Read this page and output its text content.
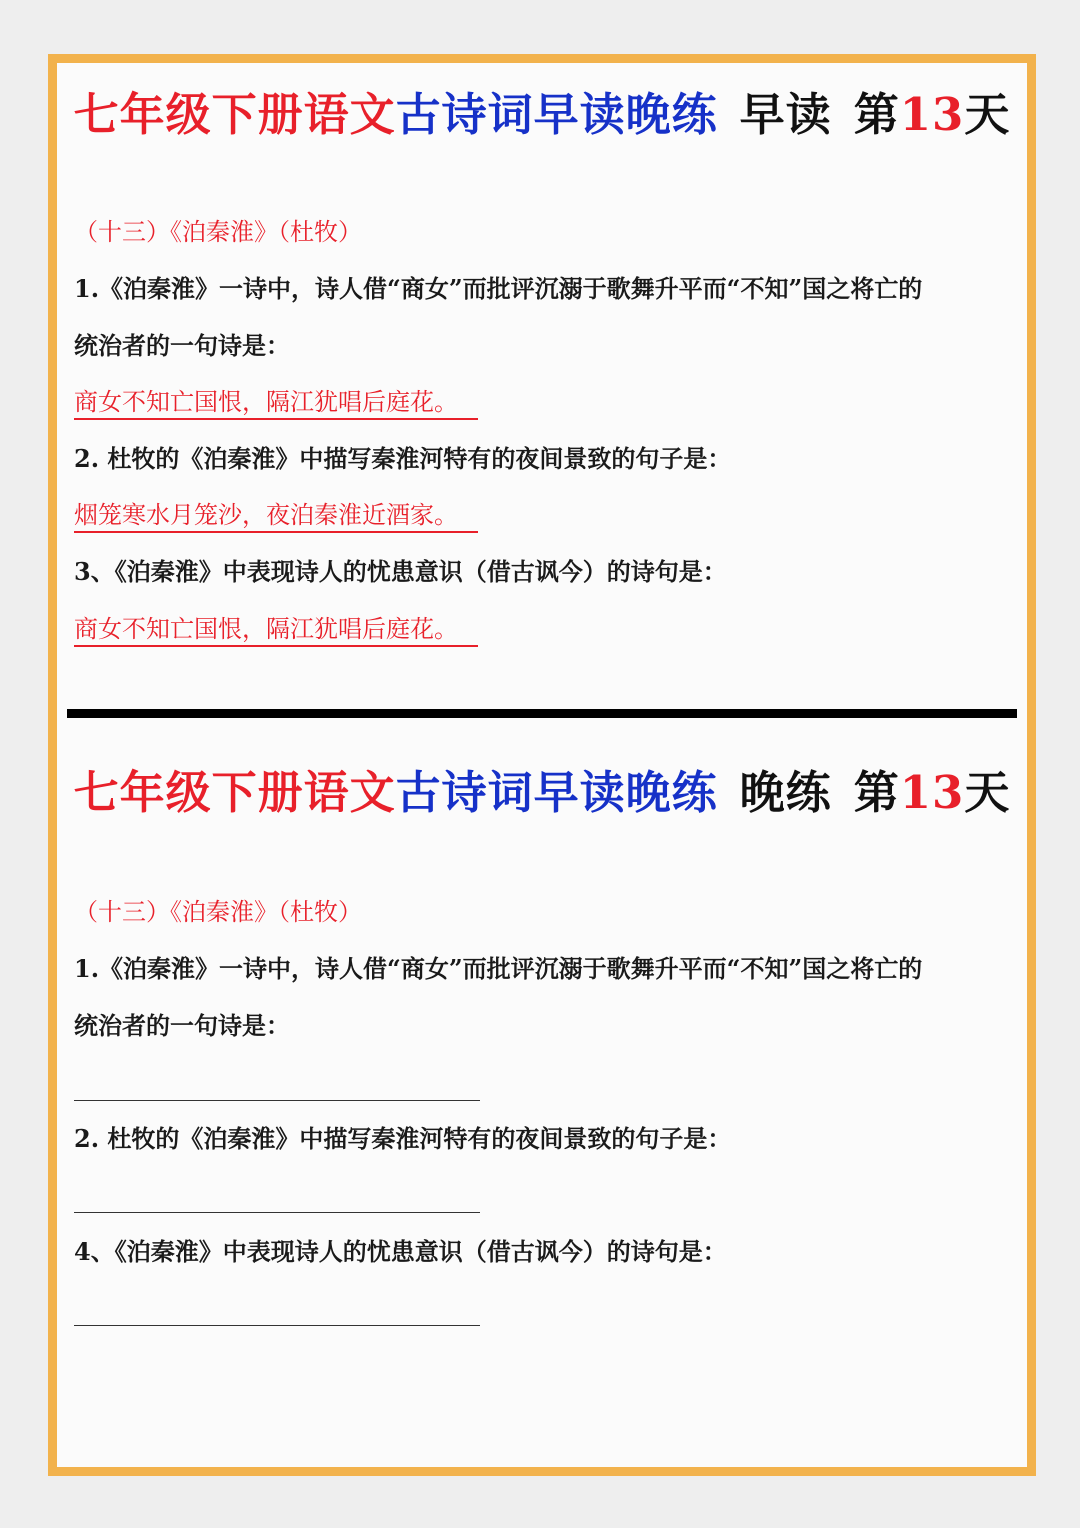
七年级下册语文古诗词早读晚练 早读 第13天
（十三）《泊秦淮》（杜牧）
1.《泊秦淮》一诗中，诗人借“商女”而批评沉溺于歌舞升平而“不知”国之将亡的
统治者的一句诗是：
商女不知亡国恨，隔江犹唱后庭花。
2. 杜牧的《泊秦淮》中描写秦淮河特有的夜间景致的句子是：
烟笼寒水月笼沙，夜泊秦淮近酒家。
3、《泊秦淮》中表现诗人的忧患意识（借古讽今）的诗句是：
商女不知亡国恨，隔江犹唱后庭花。
七年级下册语文古诗词早读晚练 晚练 第13天
（十三）《泊秦淮》（杜牧）
1.《泊秦淮》一诗中，诗人借“商女”而批评沉溺于歌舞升平而“不知”国之将亡的
统治者的一句诗是：
2. 杜牧的《泊秦淮》中描写秦淮河特有的夜间景致的句子是：
4、《泊秦淮》中表现诗人的忧患意识（借古讽今）的诗句是：
